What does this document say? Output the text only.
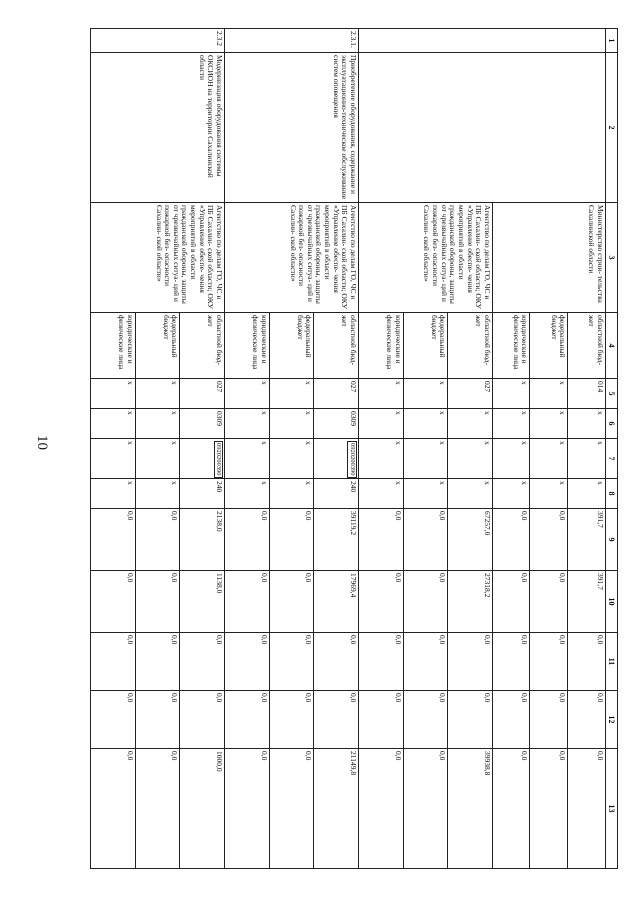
10
1	2	3	4	5	6	7	8	9	10	11	12	13
		Министерство строи- тельства Сахалинской области	областной бюд- жет	014	x	x	x	391,7	391,7	0,0	0,0	0,0
			федеральный бюджет	x	x	x	x	0,0	0,0	0,0	0,0	0,0
			юридические и физические лица	x	x	x	x	0,0	0,0	0,0	0,0	0,0
		Агентство по делам ГО, ЧС и ПБ Сахалин- ской области; ОКУ «Управление обеспе- чения мероприятий в области гражданской обороны, защиты от чрезвычайных ситуа- ций и пожарной без- опасности Сахалин- ской области»	областной бюд- жет	027	x	x	x	67257,0	27318,2	0,0	0,0	39938,8
			федеральный бюджет	x	x	x	x	0,0	0,0	0,0	0,0	0,0
			юридические и физические лица	x	x	x	x	0,0	0,0	0,0	0,0	0,0
2.3.1.	Приобретение оборудования, содержание и эксплуатационно-техническое обслуживание систем оповещения	Агентство по делам ГО, ЧС и ПБ Сахалин- ской области; ОКУ «Управление обеспе- чения мероприятий в области гражданской обороны, защиты от чрезвычайных ситуа- ций и пожарной без- опасности Сахалин- ской области»	областной бюд- жет	027	0309	0920200390	240	39119,2	17969,4	0,0	0,0	21149,8
			федеральный бюджет	x	x	x	x	0,0	0,0	0,0	0,0	0,0
			юридические и физические лица	x	x	x	x	0,0	0,0	0,0	0,0	0,0
2.3.2	Модернизация оборудования системы ОКСИОН на территории Сахалинской области	Агентство по делам ГО, ЧС и ПБ Сахалин- ской области; ОКУ «Управление обеспе- чения мероприятий в области гражданской обороны, защиты от чрезвычайных ситуа- ций и пожарной без- опасности Сахалин- ской области»	областной бюд- жет	027	0309	0920200390	240	2138,0	1138,0	0,0	0,0	1000,0
			федеральный бюджет	x	x	x	x	0,0	0,0	0,0	0,0	0,0
			юридические и физические лица	x	x	x	x	0,0	0,0	0,0	0,0	0,0
